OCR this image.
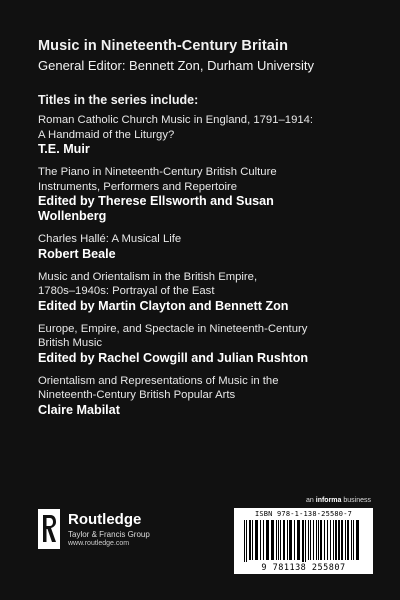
Music in Nineteenth-Century Britain
General Editor: Bennett Zon, Durham University
Titles in the series include:
Roman Catholic Church Music in England, 1791–1914:
A Handmaid of the Liturgy?
T.E. Muir
The Piano in Nineteenth-Century British Culture
Instruments, Performers and Repertoire
Edited by Therese Ellsworth and Susan
Wollenberg
Charles Hallé: A Musical Life
Robert Beale
Music and Orientalism in the British Empire,
1780s–1940s: Portrayal of the East
Edited by Martin Clayton and Bennett Zon
Europe, Empire, and Spectacle in Nineteenth-Century
British Music
Edited by Rachel Cowgill and Julian Rushton
Orientalism and Representations of Music in the
Nineteenth-Century British Popular Arts
Claire Mabilat
Routledge
Taylor & Francis Group
www.routledge.com
an informa business
ISBN 978-1-138-25580-7
9 781138 255807
